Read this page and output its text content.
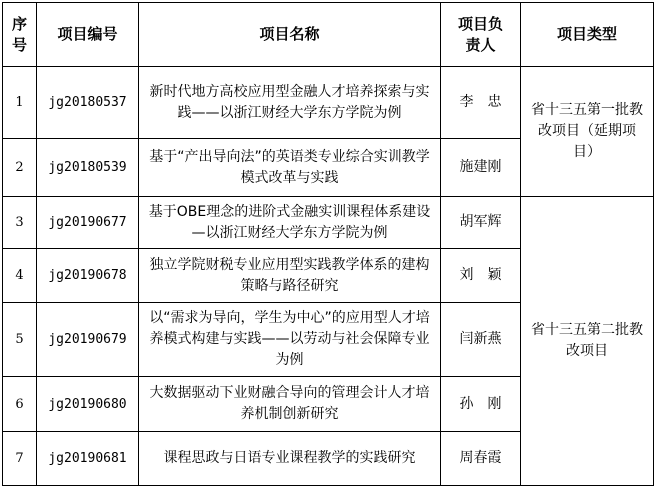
序号	项目编号	项目名称	项目负责人	项目类型
1	jg20180537	新时代地方高校应用型金融人才培养探索与实践——以浙江财经大学东方学院为例	李　忠	省十三五第一批教改项目（延期项目）
2	jg20180539	基于“产出导向法”的英语类专业综合实训教学模式改革与实践	施建刚	
3	jg20190677	基于OBE理念的进阶式金融实训课程体系建设—以浙江财经大学东方学院为例	胡军辉	省十三五第二批教改项目
4	jg20190678	独立学院财税专业应用型实践教学体系的建构策略与路径研究	刘　颖	
5	jg20190679	以“需求为导向，学生为中心”的应用型人才培养模式构建与实践——以劳动与社会保障专业为例	闫新燕	
6	jg20190680	大数据驱动下业财融合导向的管理会计人才培养机制创新研究	孙　刚	
7	jg20190681	课程思政与日语专业课程教学的实践研究	周春霞	
